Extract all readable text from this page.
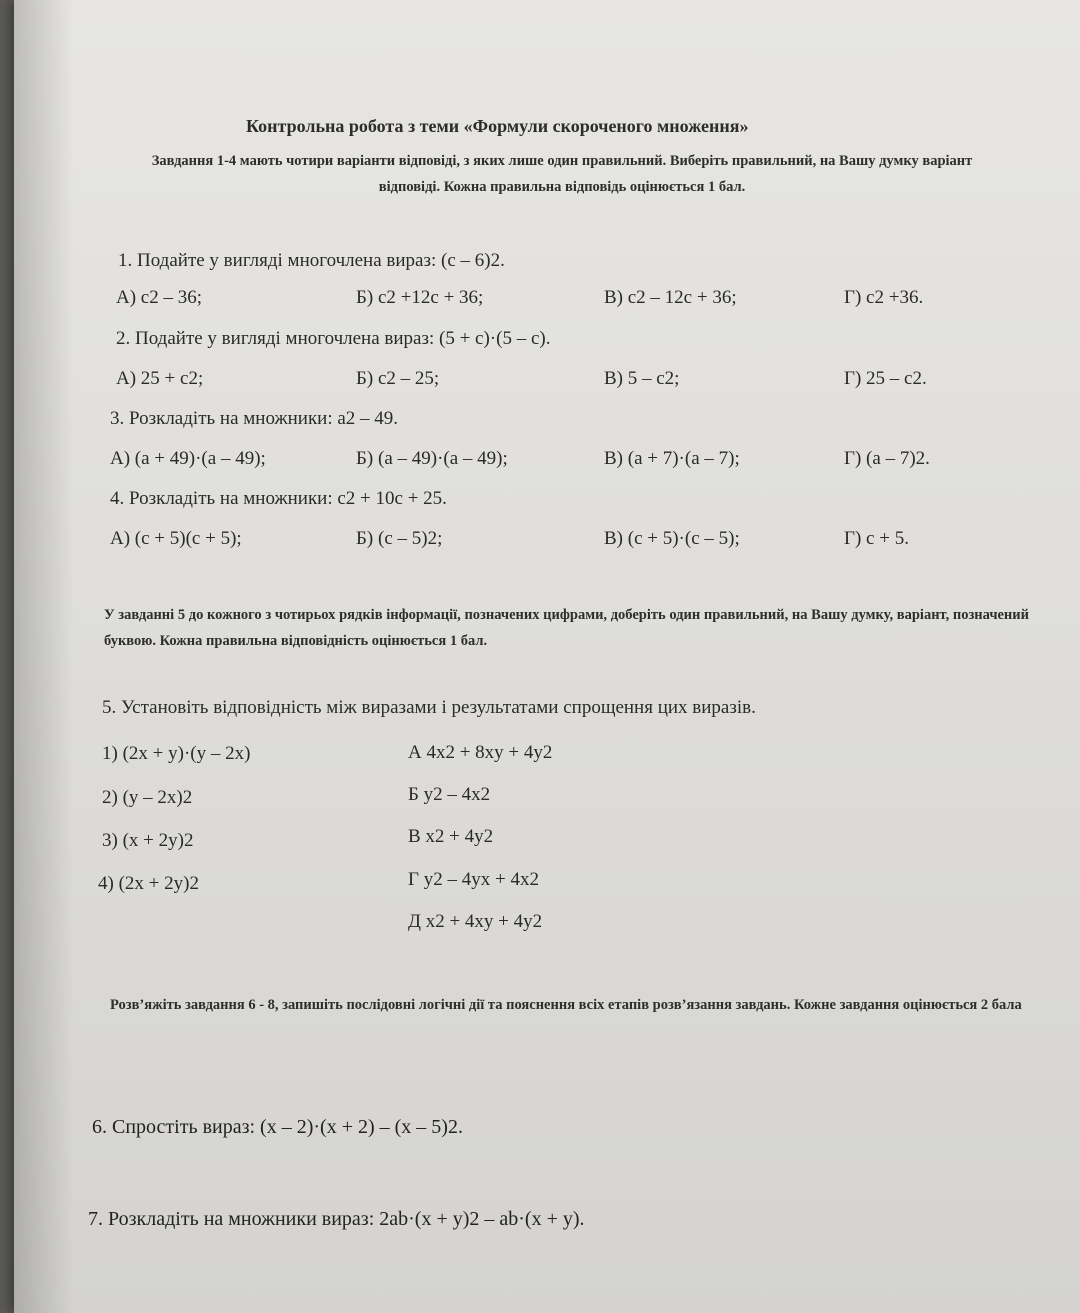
Контрольна робота з теми «Формули скороченого множення»
Завдання 1-4 мають чотири варіанти відповіді, з яких лише один правильний. Виберіть правильний, на Вашу думку варіант відповіді. Кожна правильна відповідь оцінюється 1 бал.
1. Подайте у вигляді многочлена вираз: (c – 6)2.
А) c2 – 36;	Б) c2 +12c + 36;	В) c2 – 12c + 36;	Г) c2 +36.
2. Подайте у вигляді многочлена вираз: (5 + c)·(5 – c).
А) 25 + c2;	Б) c2 – 25;	В) 5 – c2;	Г) 25 – c2.
3. Розкладіть на множники: a2 – 49.
А) (a + 49)·(a – 49);	Б) (a – 49)·(a – 49);	В) (a + 7)·(a – 7);	Г) (a – 7)2.
4. Розкладіть на множники: c2 + 10c + 25.
А) (c + 5)(c + 5);	Б) (c – 5)2;	В) (c + 5)·(c – 5);	Г) c + 5.
У завданні 5 до кожного з чотирьох рядків інформації, позначених цифрами, доберіть один правильний, на Вашу думку, варіант, позначений буквою. Кожна правильна відповідність оцінюється 1 бал.
5. Установіть відповідність між виразами і результатами спрощення цих виразів.
1) (2x + y)·(y – 2x)
2) (y – 2x)2
3) (x + 2y)2
4) (2x + 2y)2
А 4x2 + 8xy + 4y2
Б y2 – 4x2
В x2 + 4y2
Г y2 – 4yx + 4x2
Д x2 + 4xy + 4y2
Розв’яжіть завдання 6 - 8, запишіть послідовні логічні дії та пояснення всіх етапів розв’язання завдань. Кожне завдання оцінюється 2 бала
6. Спростіть вираз: (x – 2)·(x + 2) – (x – 5)2.
7. Розкладіть на множники вираз: 2ab·(x + y)2 – ab·(x + y).
